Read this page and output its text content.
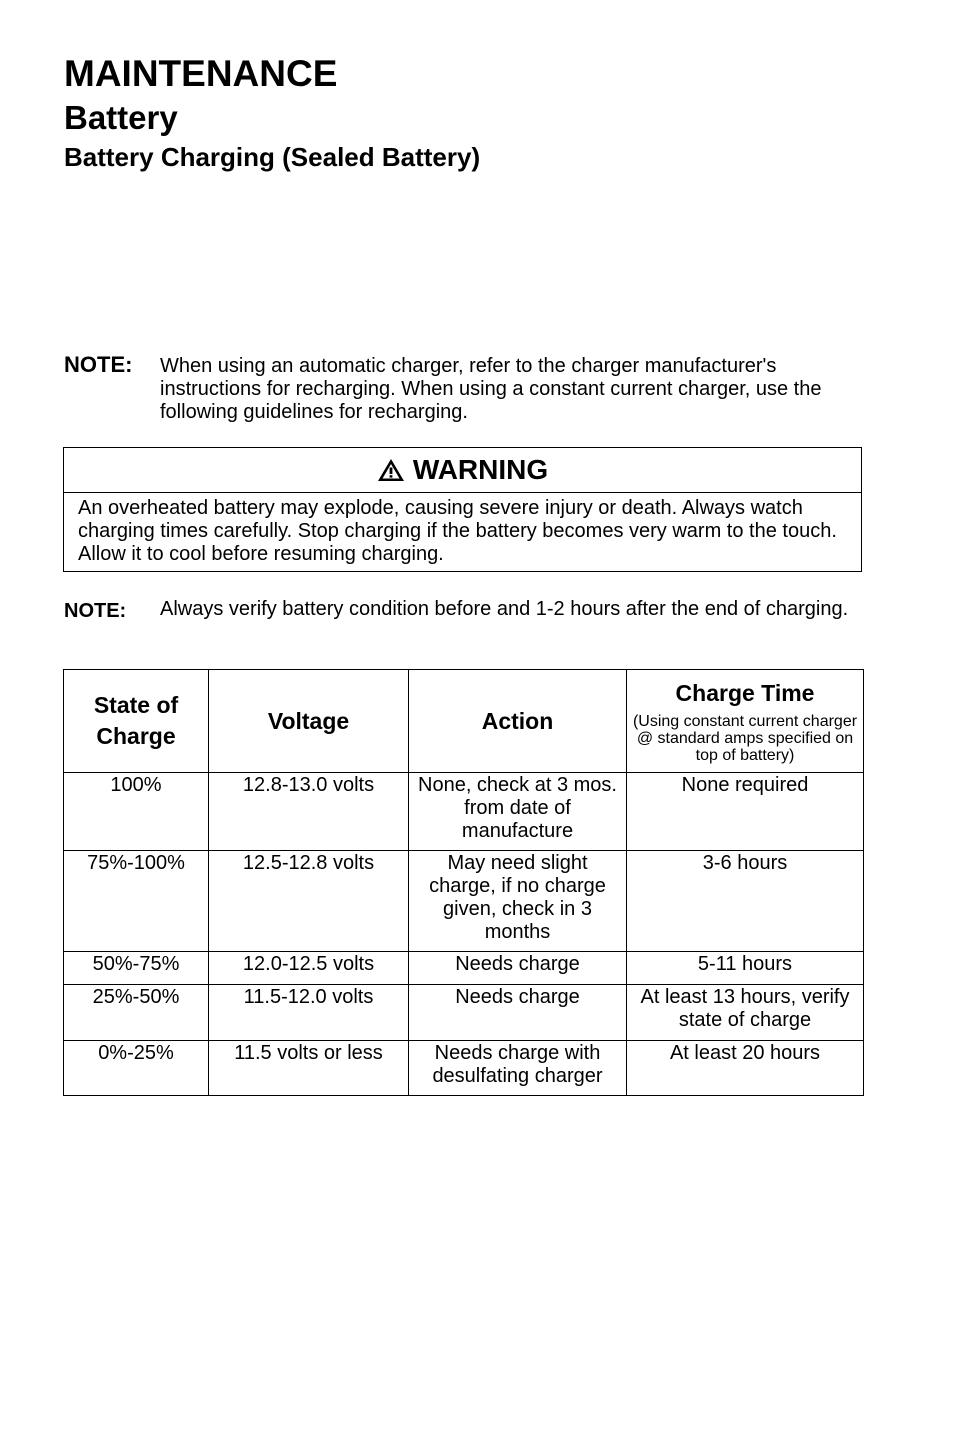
MAINTENANCE
Battery
Battery Charging (Sealed Battery)
NOTE: When using an automatic charger, refer to the charger manufacturer's instructions for recharging. When using a constant current charger, use the following guidelines for recharging.
WARNING
An overheated battery may explode, causing severe injury or death. Always watch charging times carefully. Stop charging if the battery becomes very warm to the touch. Allow it to cool before resuming charging.
NOTE: Always verify battery condition before and 1-2 hours after the end of charging.
State of Charge	Voltage	Action	Charge Time
(Using constant current charger @ standard amps specified on top of battery)

100%	12.8-13.0 volts	None, check at 3 mos. from date of manufacture	None required
75%-100%	12.5-12.8 volts	May need slight charge, if no charge given, check in 3 months	3-6 hours
50%-75%	12.0-12.5 volts	Needs charge	5-11 hours
25%-50%	11.5-12.0 volts	Needs charge	At least 13 hours, verify state of charge
0%-25%	11.5 volts or less	Needs charge with desulfating charger	At least 20 hours
